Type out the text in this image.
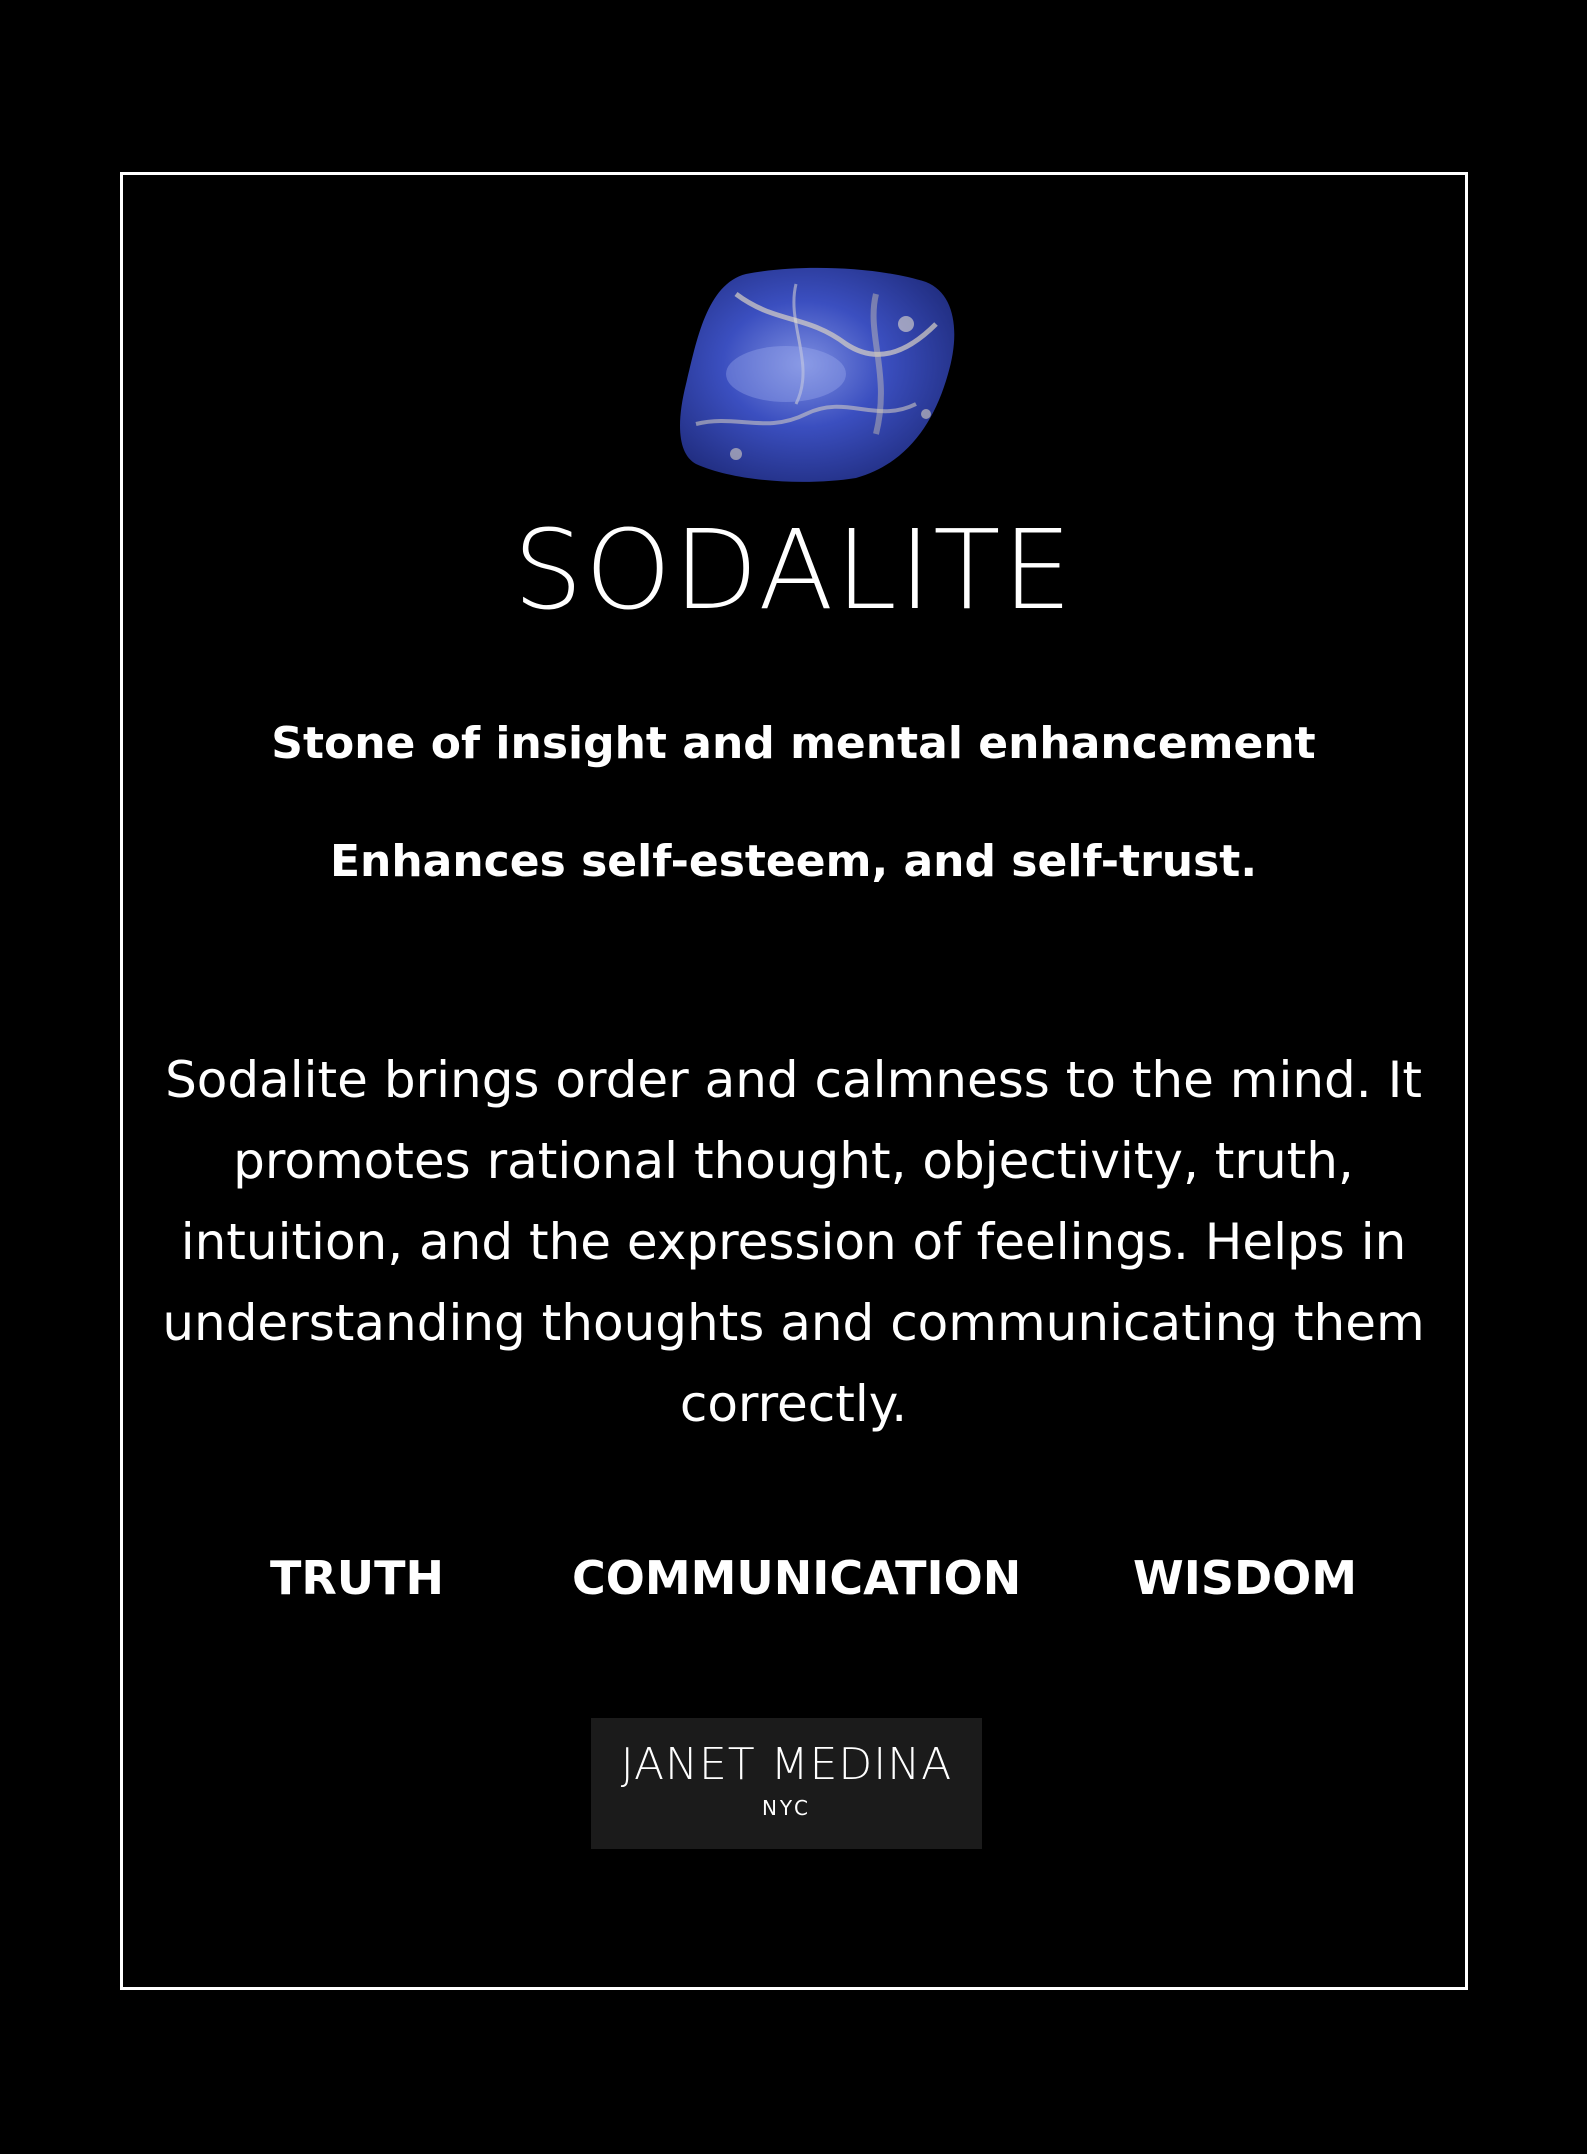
SODALITE
Stone of insight and mental enhancement
Enhances self-esteem, and self-trust.

Sodalite brings order and calmness to the mind. It promotes rational thought, objectivity, truth, intuition, and the expression of feelings. Helps in understanding thoughts and communicating them correctly.

TRUTH	COMMUNICATION WISDOM
JANET MEDINA
NYC
